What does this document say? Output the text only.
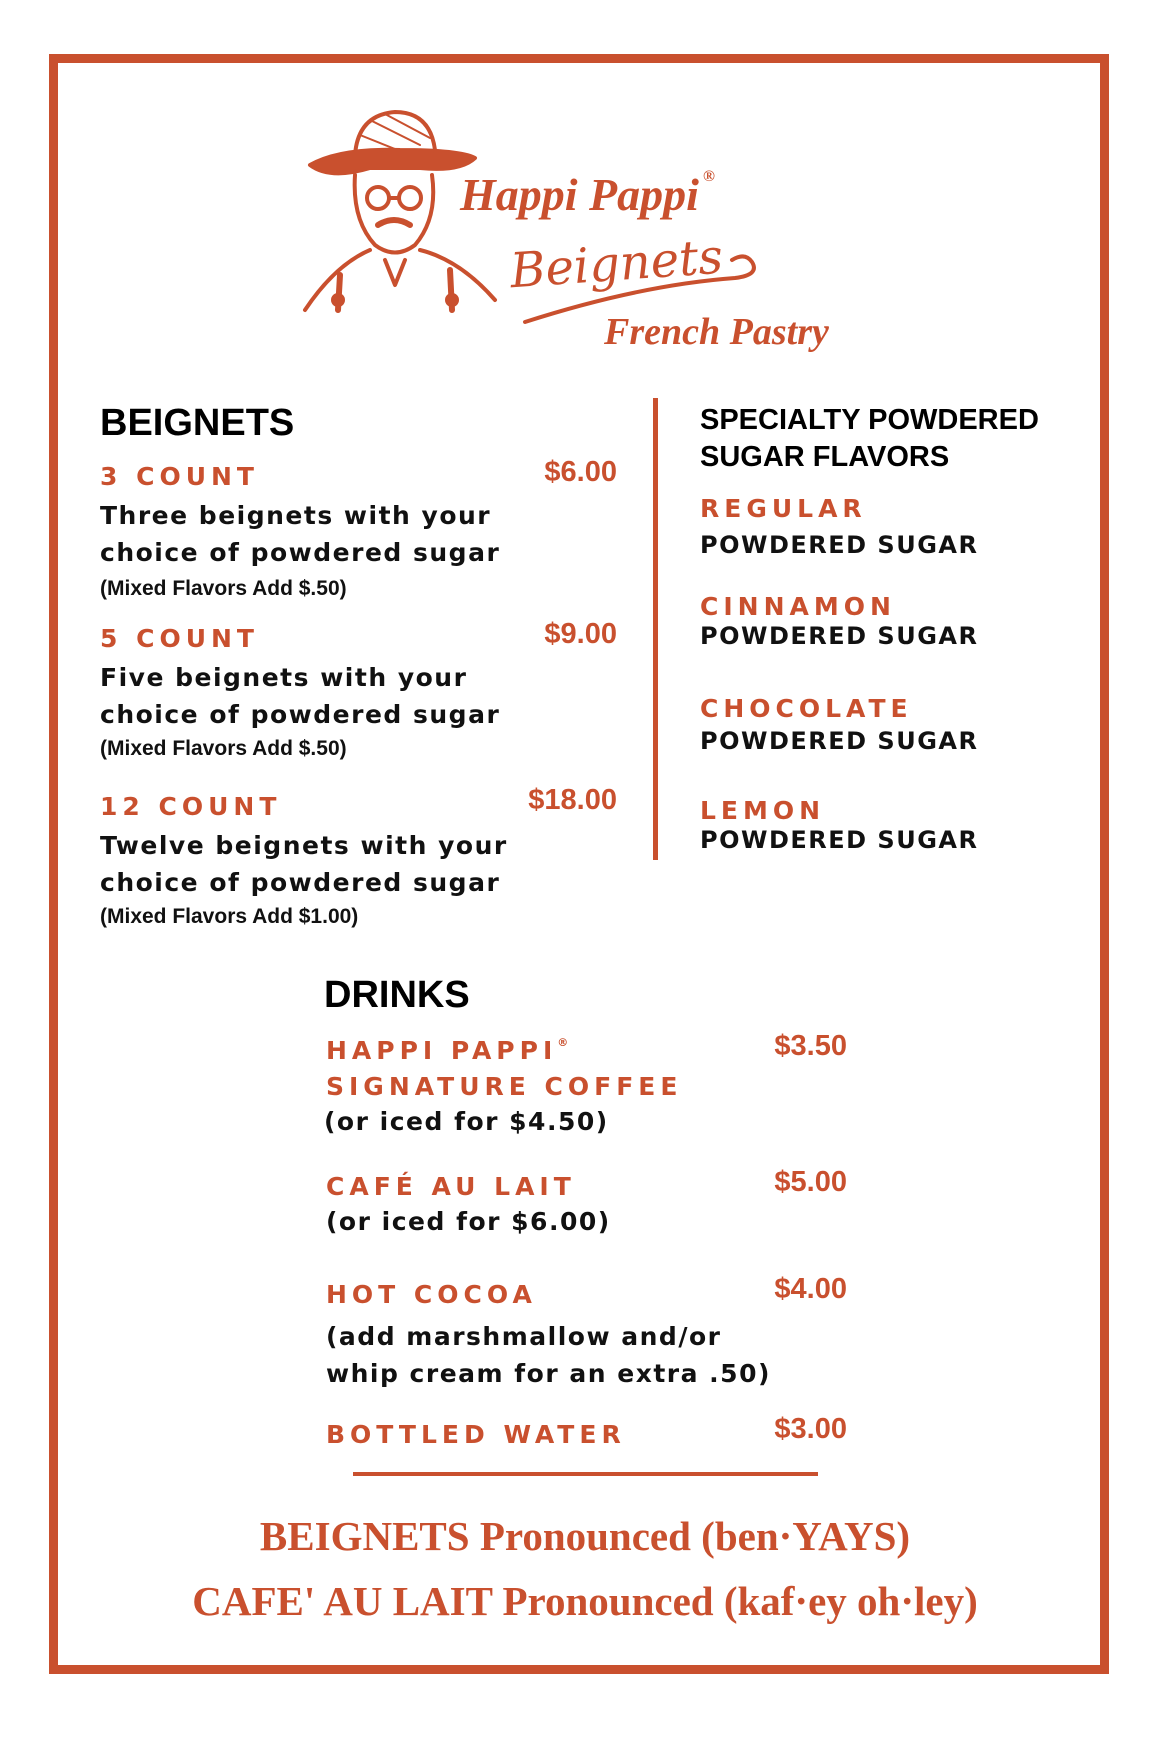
Happi Pappi ®
Beignets
French Pastry
BEIGNETS
3 COUNT	$6.00
Three beignets with your
choice of powdered sugar
(Mixed Flavors Add $.50)
5 COUNT	$9.00
Five beignets with your
choice of powdered sugar
(Mixed Flavors Add $.50)
12 COUNT	$18.00
Twelve beignets with your
choice of powdered sugar
(Mixed Flavors Add $1.00)
SPECIALTY POWDERED
SUGAR FLAVORS
REGULAR
POWDERED SUGAR
CINNAMON
POWDERED SUGAR
CHOCOLATE
POWDERED SUGAR
LEMON
POWDERED SUGAR
DRINKS
HAPPI PAPPI®	$3.50
SIGNATURE COFFEE
(or iced for $4.50)
CAFÉ AU LAIT	$5.00
(or iced for $6.00)
HOT COCOA	$4.00
(add marshmallow and/or
whip cream for an extra .50)
BOTTLED WATER	$3.00
BEIGNETS Pronounced (ben·YAYS)
CAFE' AU LAIT Pronounced (kaf·ey oh·ley)
